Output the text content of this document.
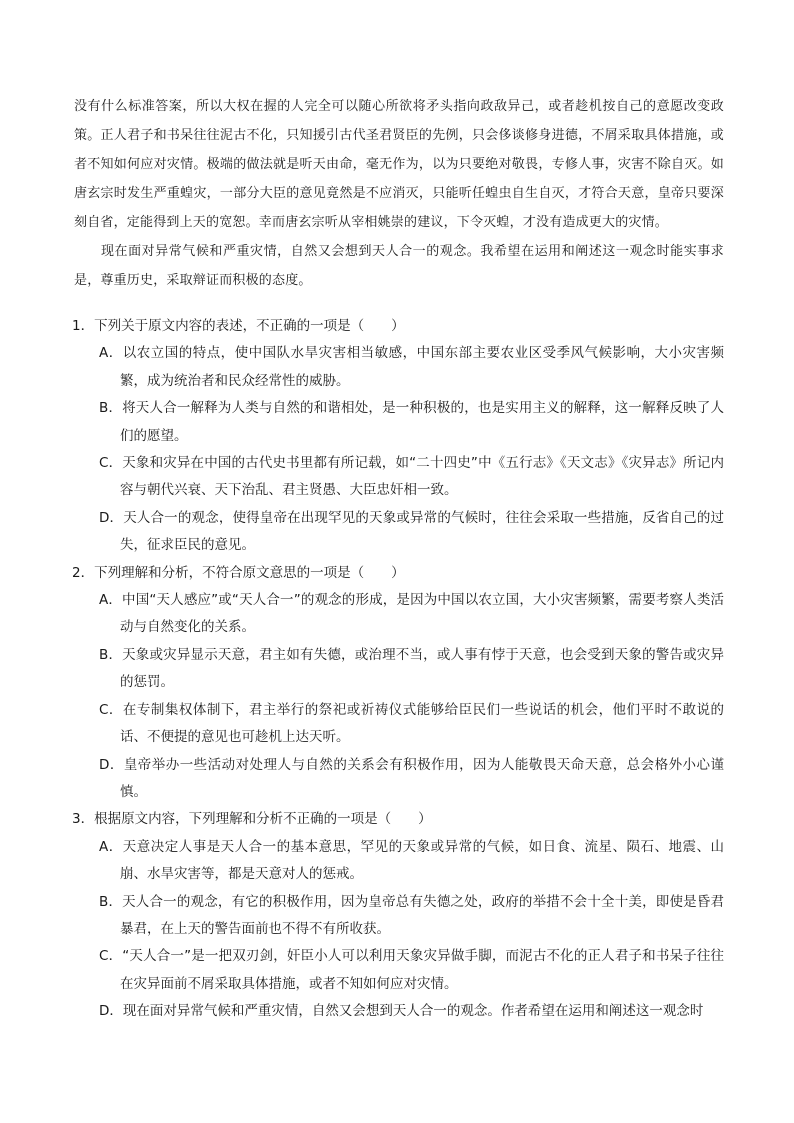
没有什么标准答案，所以大权在握的人完全可以随心所欲将矛头指向政敌异己，或者趁机按自己的意愿改变政策。正人君子和书呆往往泥古不化，只知援引古代圣君贤臣的先例，只会侈谈修身进德，不屑采取具体措施，或者不知如何应对灾情。极端的做法就是听天由命，毫无作为，以为只要绝对敬畏，专修人事，灾害不除自灭。如唐玄宗时发生严重蝗灾，一部分大臣的意见竟然是不应消灭，只能听任蝗虫自生自灭，才符合天意，皇帝只要深刻自省，定能得到上天的宽恕。幸而唐玄宗听从宰相姚崇的建议，下令灭蝗，才没有造成更大的灾情。

现在面对异常气候和严重灾情，自然又会想到天人合一的观念。我希望在运用和阐述这一观念时能实事求是，尊重历史，采取辩证而积极的态度。

1．下列关于原文内容的表述，不正确的一项是（　　）

A．以农立国的特点，使中国队水旱灾害相当敏感，中国东部主要农业区受季风气候影响，大小灾害频繁，成为统治者和民众经常性的威胁。

B．将天人合一解释为人类与自然的和谐相处，是一种积极的，也是实用主义的解释，这一解释反映了人们的愿望。

C．天象和灾异在中国的古代史书里都有所记载，如“二十四史”中《五行志》《天文志》《灾异志》所记内容与朝代兴衰、天下治乱、君主贤愚、大臣忠奸相一致。

D．天人合一的观念，使得皇帝在出现罕见的天象或异常的气候时，往往会采取一些措施，反省自己的过失，征求臣民的意见。

2．下列理解和分析，不符合原文意思的一项是（　　）

A．中国“天人感应”或“天人合一”的观念的形成，是因为中国以农立国，大小灾害频繁，需要考察人类活动与自然变化的关系。

B．天象或灾异显示天意，君主如有失德，或治理不当，或人事有悖于天意，也会受到天象的警告或灾异的惩罚。

C．在专制集权体制下，君主举行的祭祀或祈祷仪式能够给臣民们一些说话的机会，他们平时不敢说的话、不便提的意见也可趁机上达天听。

D．皇帝举办一些活动对处理人与自然的关系会有积极作用，因为人能敬畏天命天意，总会格外小心谨慎。

3．根据原文内容，下列理解和分析不正确的一项是（　　）

A．天意决定人事是天人合一的基本意思，罕见的天象或异常的气候，如日食、流星、陨石、地震、山崩、水旱灾害等，都是天意对人的惩戒。

B．天人合一的观念，有它的积极作用，因为皇帝总有失德之处，政府的举措不会十全十美，即使是昏君暴君，在上天的警告面前也不得不有所收获。

C．“天人合一”是一把双刃剑，奸臣小人可以利用天象灾异做手脚，而泥古不化的正人君子和书呆子往往在灾异面前不屑采取具体措施，或者不知如何应对灾情。

D．现在面对异常气候和严重灾情，自然又会想到天人合一的观念。作者希望在运用和阐述这一观念时
